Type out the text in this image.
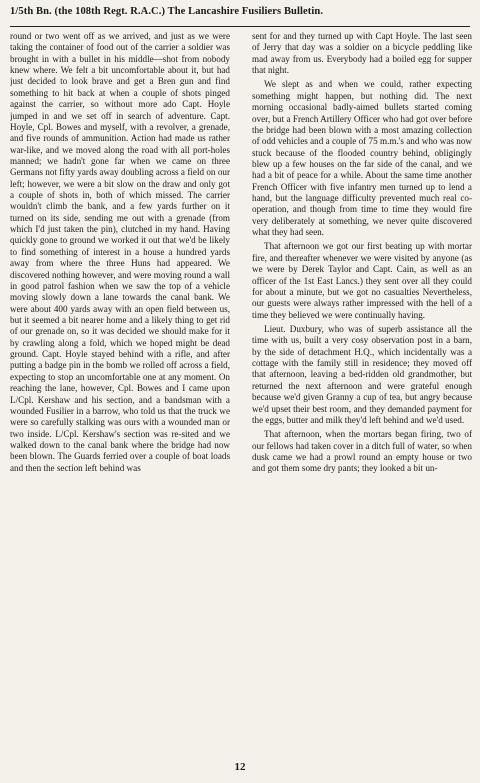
1/5th Bn. (the 108th Regt. R.A.C.) The Lancashire Fusiliers Bulletin.

round or two went off as we arrived, and just as we were taking the container of food out of the carrier a soldier was brought in with a bullet in his middle—shot from nobody knew where. We felt a bit uncomfortable about it, but had just decided to look brave and get a Bren gun and find something to hit back at when a couple of shots pinged against the carrier, so without more ado Capt. Hoyle jumped in and we set off in search of adventure. Capt. Hoyle, Cpl. Bowes and myself, with a revolver, a grenade, and five rounds of ammunition. Action had made us rather war-like, and we moved along the road with all port-holes manned; we hadn't gone far when we came on three Germans not fifty yards away doubling across a field on our left; however, we were a bit slow on the draw and only got a couple of shots in, both of which missed. The carrier wouldn't climb the bank, and a few yards further on it turned on its side, sending me out with a grenade (from which I'd just taken the pin), clutched in my hand. Having quickly gone to ground we worked it out that we'd be likely to find something of interest in a house a hundred yards away from where the three Huns had appeared. We discovered nothing however, and were moving round a wall in good patrol fashion when we saw the top of a vehicle moving slowly down a lane towards the canal bank. We were about 400 yards away with an open field between us, but it seemed a bit nearer home and a likely thing to get rid of our grenade on, so it was decided we should make for it by crawling along a fold, which we hoped might be dead ground. Capt. Hoyle stayed behind with a rifle, and after putting a badge pin in the bomb we rolled off across a field, expecting to stop an uncomfortable one at any moment. On reaching the lane, however, Cpl. Bowes and I came upon L/Cpl. Kershaw and his section, and a bandsman with a wounded Fusilier in a barrow, who told us that the truck we were so carefully stalking was ours with a wounded man or two inside. L/Cpl. Kershaw's section was re-sited and we walked down to the canal bank where the bridge had now been blown. The Guards ferried over a couple of boat loads and then the section left behind was

sent for and they turned up with Capt Hoyle. The last seen of Jerry that day was a soldier on a bicycle peddling like mad away from us. Everybody had a boiled egg for supper that night.

We slept as and when we could, rather expecting something might happen, but nothing did. The next morning occasional badly-aimed bullets started coming over, but a French Artillery Officer who had got over before the bridge had been blown with a most amazing collection of odd vehicles and a couple of 75 m.m.'s and who was now stuck because of the flooded country behind, obligingly blew up a few houses on the far side of the canal, and we had a bit of peace for a while. About the same time another French Officer with five infantry men turned up to lend a hand, but the language difficulty prevented much real co-operation, and though from time to time they would fire very deliberately at something, we never quite discovered what they had seen.

That afternoon we got our first beating up with mortar fire, and thereafter whenever we were visited by anyone (as we were by Derek Taylor and Capt. Cain, as well as an officer of the 1st East Lancs.) they sent over all they could for about a minute, but we got no casualties Nevertheless, our guests were always rather impressed with the hell of a time they believed we were continually having.

Lieut. Duxbury, who was of superb assistance all the time with us, built a very cosy observation post in a barn, by the side of detachment H.Q., which incidentally was a cottage with the family still in residence; they moved off that afternoon, leaving a bed-ridden old grandmother, but returned the next afternoon and were grateful enough because we'd given Granny a cup of tea, but angry because we'd upset their best room, and they demanded payment for the eggs, butter and milk they'd left behind and we'd used.

That afternoon, when the mortars began firing, two of our fellows had taken cover in a ditch full of water, so when dusk came we had a prowl round an empty house or two and got them some dry pants; they looked a bit un-

12
